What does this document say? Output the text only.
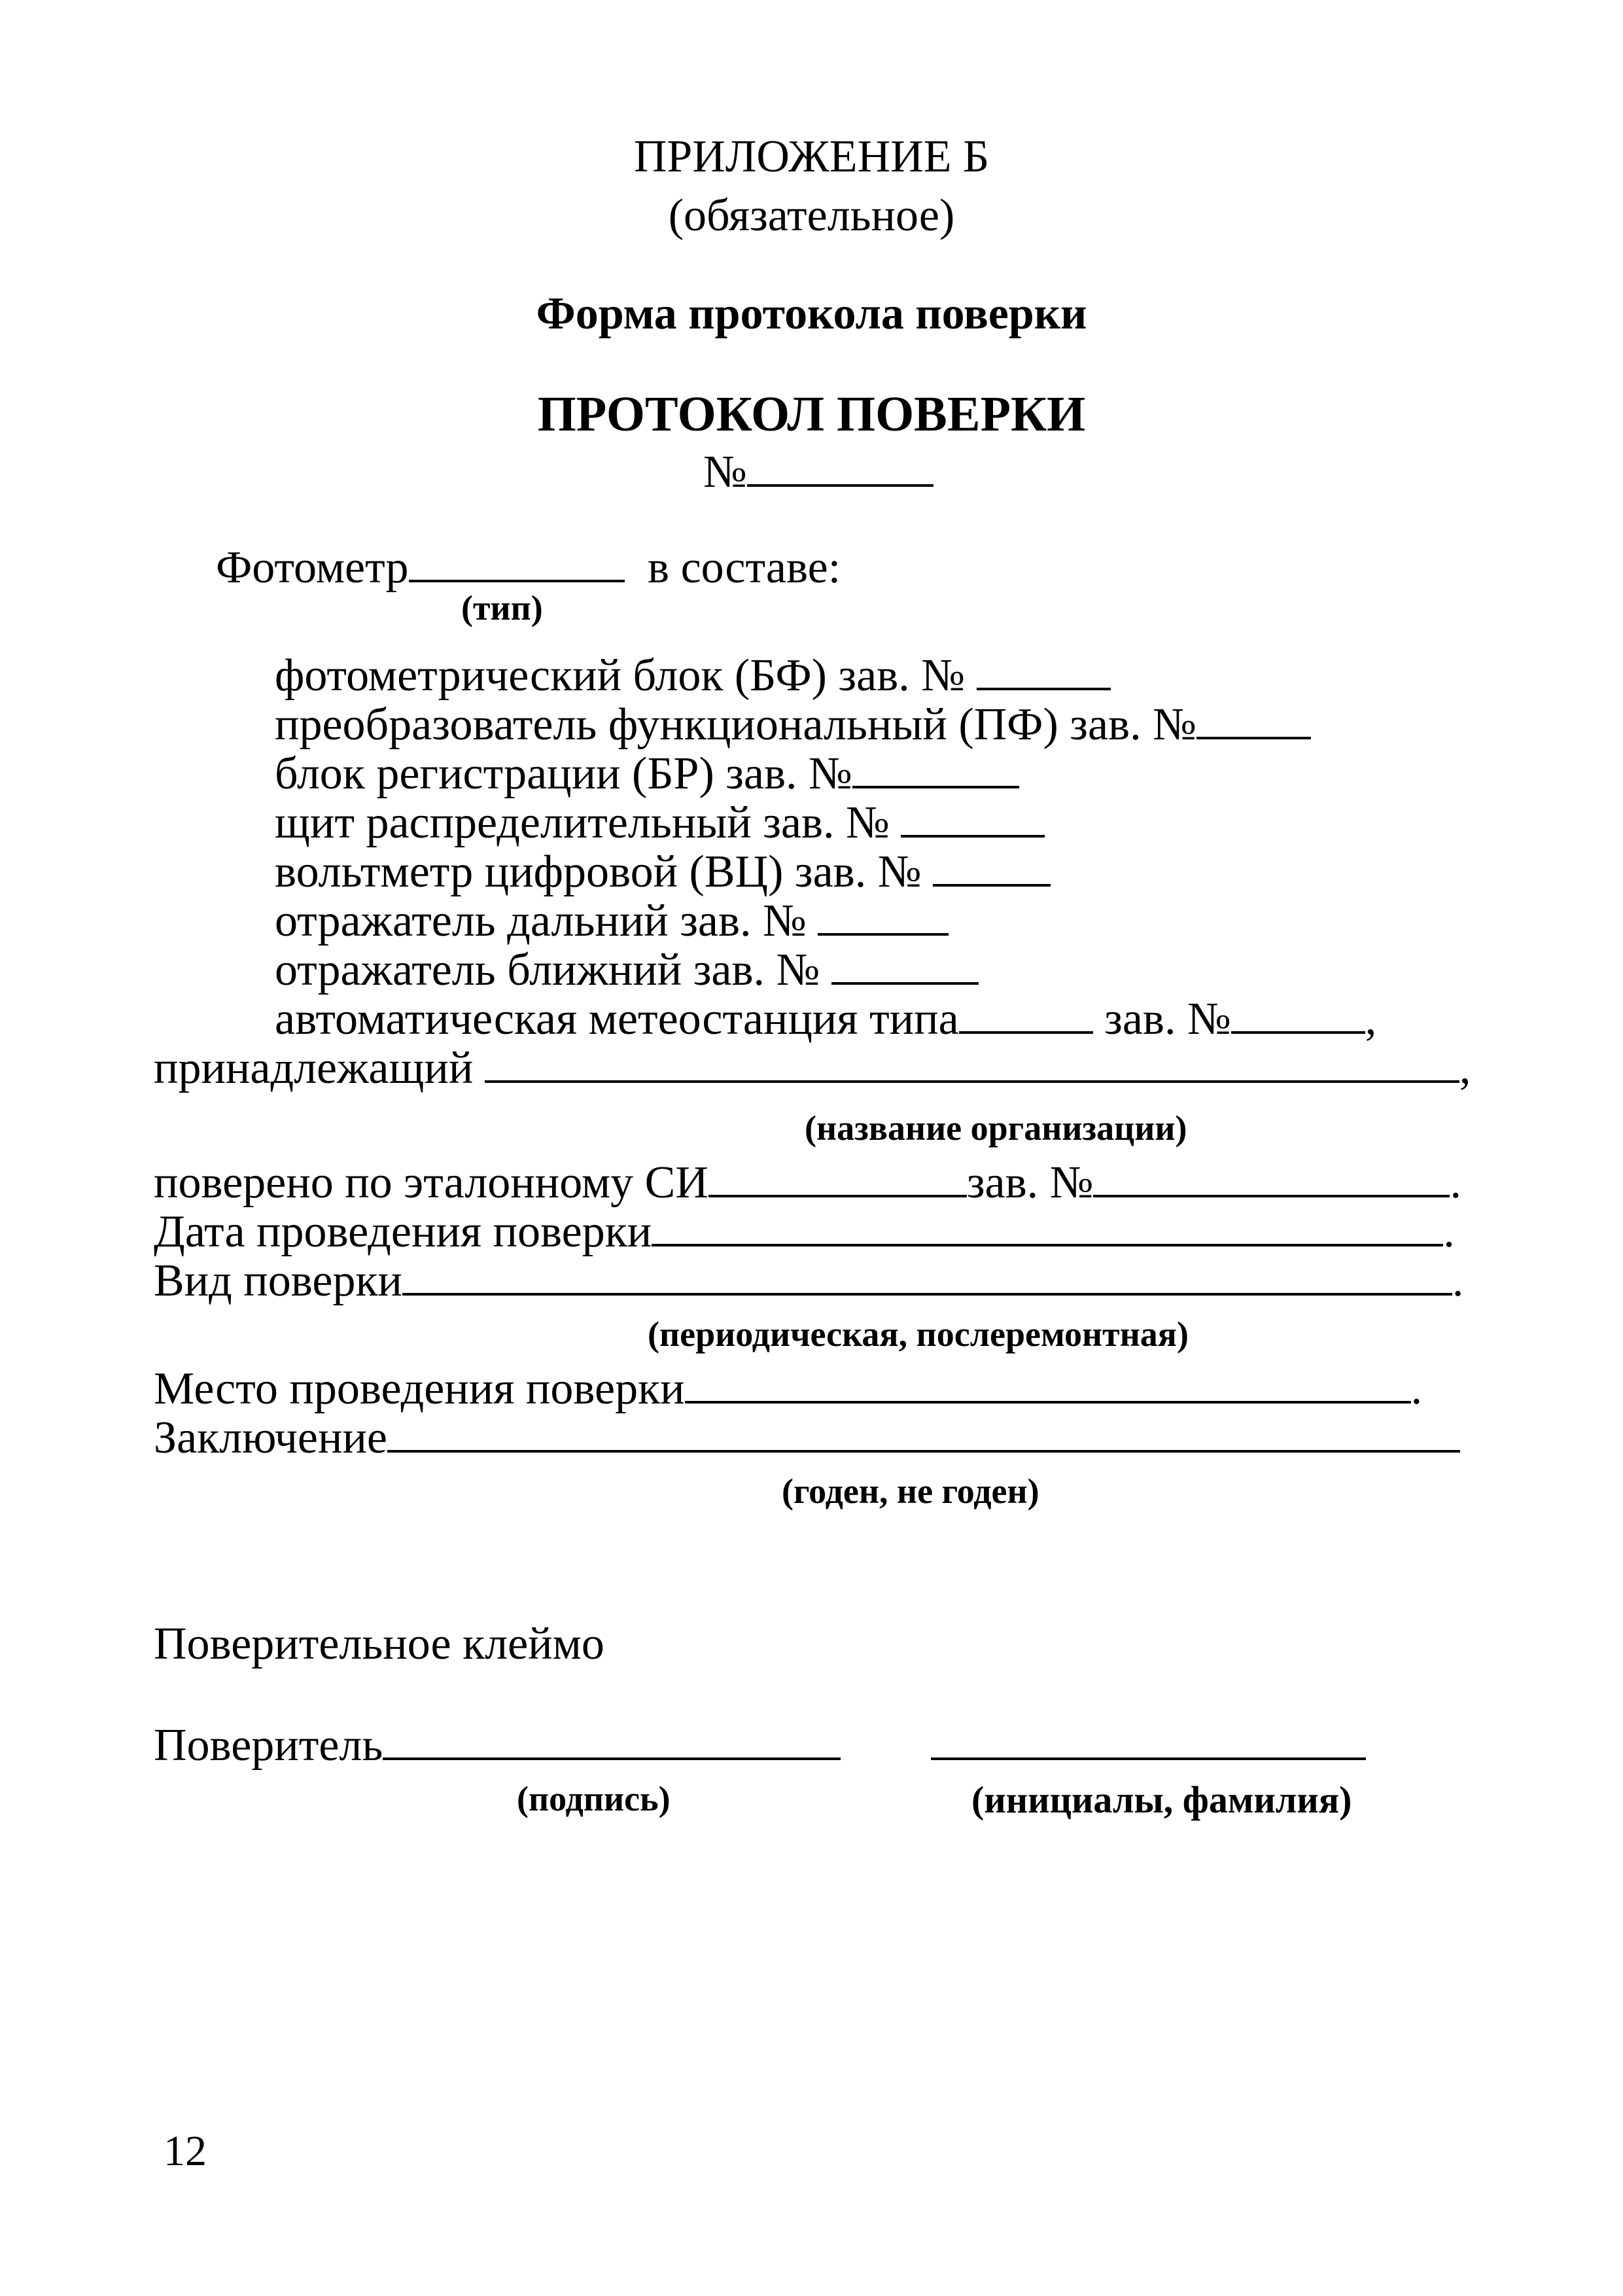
ПРИЛОЖЕНИЕ Б
(обязательное)
Форма протокола поверки
ПРОТОКОЛ ПОВЕРКИ
№
Фотометр	в составе:
(тип)
фотометрический блок (БФ) зав. №
преобразователь функциональный (ПФ) зав. №
блок регистрации (БР) зав. №
щит распределительный зав. №
вольтметр цифровой (ВЦ) зав. №
отражатель дальний зав. №
отражатель ближний зав. №
автоматическая метеостанция типа	зав. №	,
принадлежащий	,
(название организации)
поверено по эталонному СИ	зав. №	.
Дата проведения поверки	.
Вид поверки	.
(периодическая, послеремонтная)
Место проведения поверки	.
Заключение
(годен, не годен)
Поверительное клеймо
Поверитель
(подпись)	(инициалы, фамилия)
12
